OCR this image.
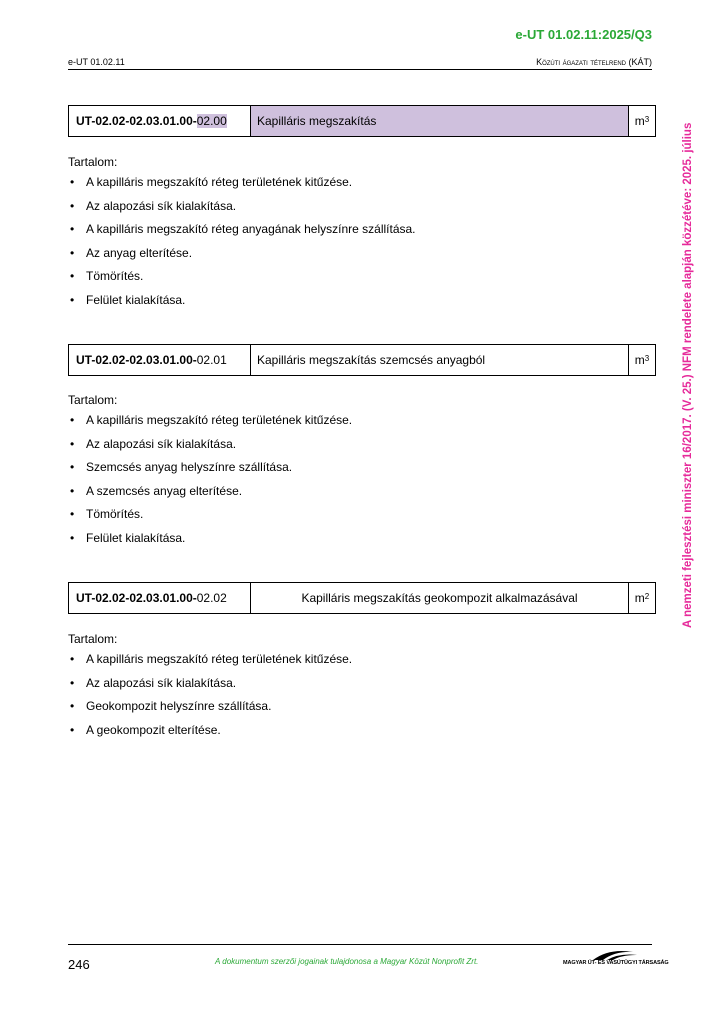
e-UT 01.02.11:2025/Q3
e-UT 01.02.11	Közúti ágazati tételrend (KÁT)
A nemzeti fejlesztési miniszter 16/2017. (V. 25.) NFM rendelete alapján közzétéve: 2025. július
UT-02.02-02.03.01.00- 02.00	Kapilláris megszakítás	$m^3$
Tartalom:
• A kapilláris megszakító réteg területének kitűzése.
• Az alapozási sík kialakítása.
• A kapilláris megszakító réteg anyagának helyszínre szállítása.
• Az anyag elterítése.
• Tömörítés.
• Felület kialakítása.
UT-02.02-02.03.01.00- 02.01	Kapilláris megszakítás szemcsés anyagból	$m^3$
Tartalom:
• A kapilláris megszakító réteg területének kitűzése.
• Az alapozási sík kialakítása.
• Szemcsés anyag helyszínre szállítása.
• A szemcsés anyag elterítése.
• Tömörítés.
• Felület kialakítása.
UT-02.02-02.03.01.00- 02.02	Kapilláris megszakítás geokompozit alkalmazásával	$m^2$
Tartalom:
• A kapilláris megszakító réteg területének kitűzése.
• Az alapozási sík kialakítása.
• Geokompozit helyszínre szállítása.
• A geokompozit elterítése.
246	A dokumentum szerzői jogainak tulajdonosa a Magyar Közút Nonprofit Zrt.	MAGYAR ÚT- ÉS VASÚTÜGYI TÁRSASÁG
